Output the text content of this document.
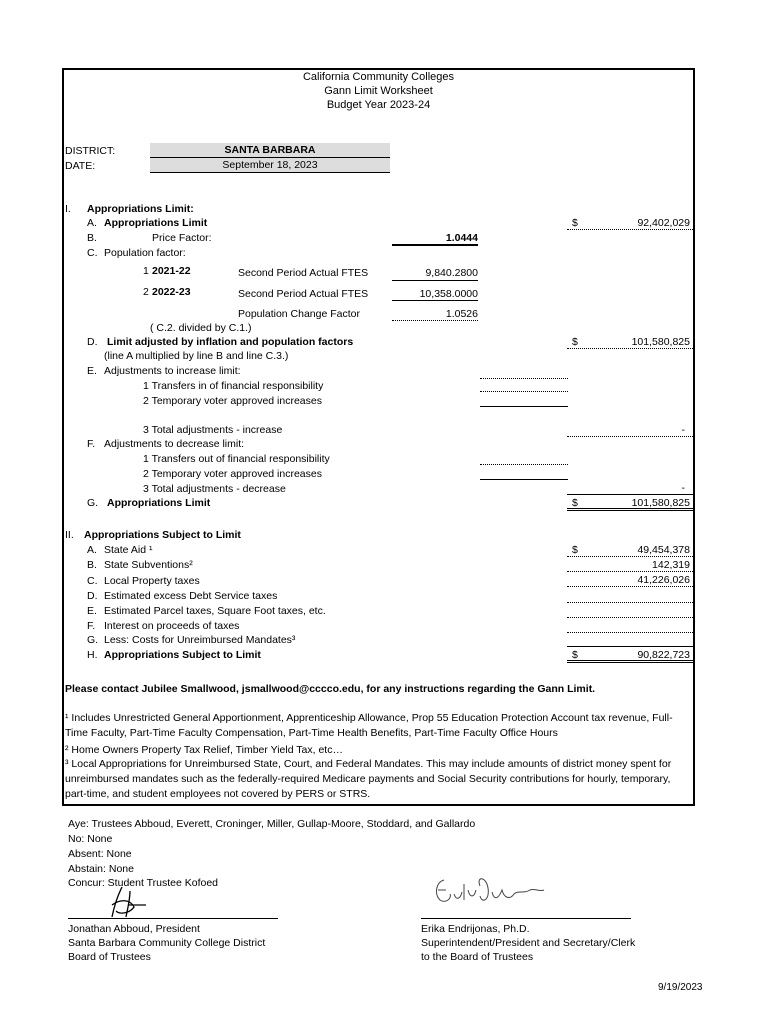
California Community Colleges
Gann Limit Worksheet
Budget Year 2023-24
DISTRICT:	SANTA BARBARA
DATE:	September 18, 2023
I. Appropriations Limit:
A. Appropriations Limit	$	92,402,029
B.	Price Factor:	1.0444
C. Population factor:
1 2021-22	Second Period Actual FTES	9,840.2800
2 2022-23	Second Period Actual FTES	10,358.0000
Population Change Factor	1.0526
( C.2. divided by C.1.)
D. Limit adjusted by inflation and population factors	$	101,580,825
(line A multiplied by line B and line C.3.)
E. Adjustments to increase limit:
1 Transfers in of financial responsibility
2 Temporary voter approved increases
3 Total adjustments - increase	-
F. Adjustments to decrease limit:
1 Transfers out of financial responsibility
2 Temporary voter approved increases
3 Total adjustments - decrease	-
G. Appropriations Limit	$	101,580,825
II. Appropriations Subject to Limit
A. State Aid ¹	$	49,454,378
B. State Subventions²	142,319
C. Local Property taxes	41,226,026
D. Estimated excess Debt Service taxes
E. Estimated Parcel taxes, Square Foot taxes, etc.
F. Interest on proceeds of taxes
G. Less: Costs for Unreimbursed Mandates³
H. Appropriations Subject to Limit	$	90,822,723
Please contact Jubilee Smallwood, jsmallwood@cccco.edu, for any instructions regarding the Gann Limit.
¹ Includes Unrestricted General Apportionment, Apprenticeship Allowance, Prop 55 Education Protection Account tax revenue, Full-Time Faculty, Part-Time Faculty Compensation, Part-Time Health Benefits, Part-Time Faculty Office Hours
² Home Owners Property Tax Relief, Timber Yield Tax, etc…
³ Local Appropriations for Unreimbursed State, Court, and Federal Mandates. This may include amounts of district money spent for unreimbursed mandates such as the federally-required Medicare payments and Social Security contributions for hourly, temporary, part-time, and student employees not covered by PERS or STRS.
Aye: Trustees Abboud, Everett, Croninger, Miller, Gullap-Moore, Stoddard, and Gallardo
No: None
Absent: None
Abstain: None
Concur: Student Trustee Kofoed
Jonathan Abboud, President
Santa Barbara Community College District
Board of Trustees
Erika Endrijonas, Ph.D.
Superintendent/President and Secretary/Clerk
to the Board of Trustees
9/19/2023
